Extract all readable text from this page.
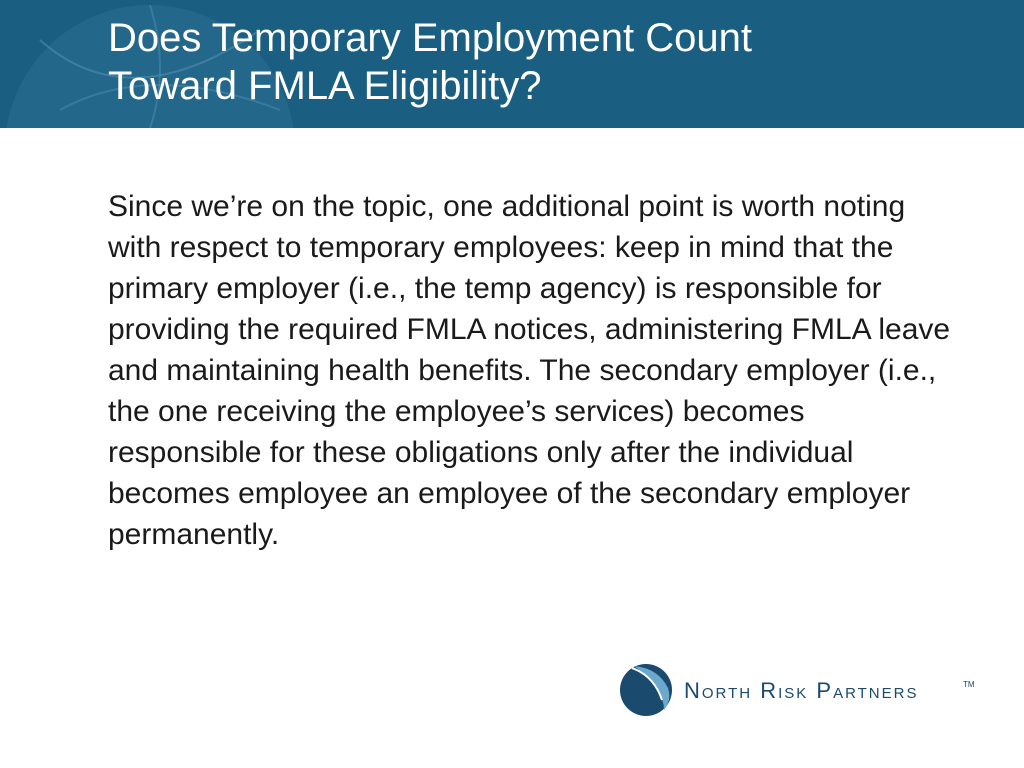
Does Temporary Employment Count
Toward FMLA Eligibility?

Since we’re on the topic, one additional point is worth noting with respect to temporary employees: keep in mind that the primary employer (i.e., the temp agency) is responsible for providing the required FMLA notices, administering FMLA leave and maintaining health benefits. The secondary employer (i.e., the one receiving the employee’s services) becomes responsible for these obligations only after the individual becomes employee an employee of the secondary employer permanently.

North Risk Partners	TM
